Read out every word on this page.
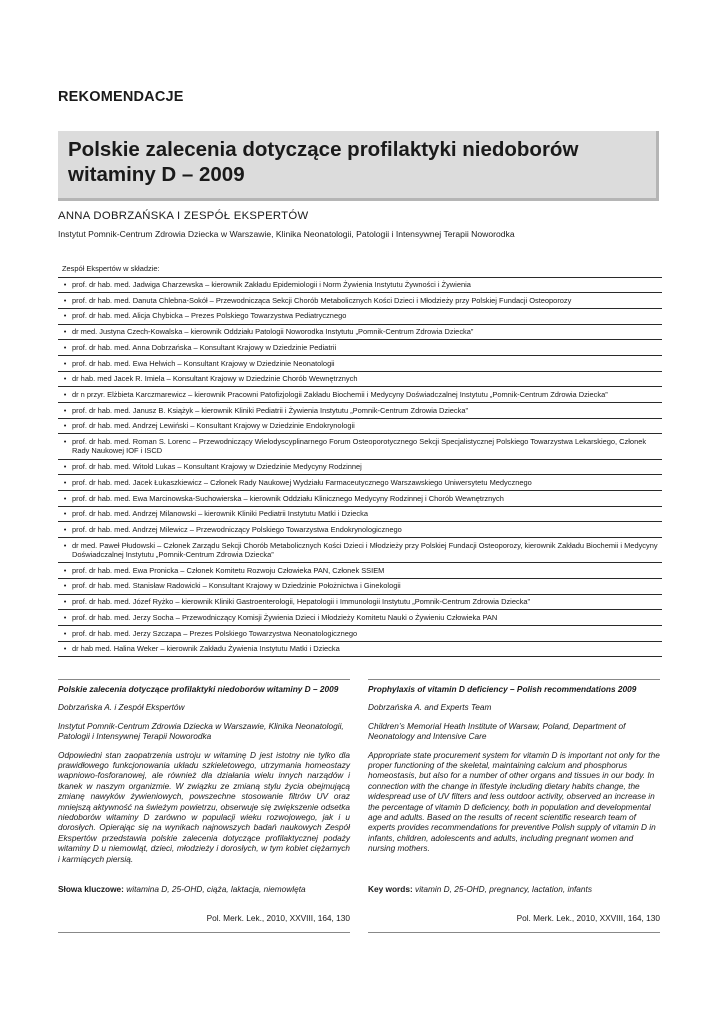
REKOMENDACJE
Polskie zalecenia dotyczące profilaktyki niedoborów witaminy D – 2009
ANNA DOBRZAŃSKA I ZESPÓŁ EKSPERTÓW
Instytut Pomnik-Centrum Zdrowia Dziecka w Warszawie, Klinika Neonatologii, Patologii i Intensywnej Terapii Noworodka
Zespół Ekspertów w składzie:
• prof. dr hab. med. Jadwiga Charzewska – kierownik Zakładu Epidemiologii i Norm Żywienia Instytutu Żywności i Żywienia
• prof. dr hab. med. Danuta Chlebna-Sokół – Przewodnicząca Sekcji Chorób Metabolicznych Kości Dzieci i Młodzieży przy Polskiej Fundacji Osteoporozy
• prof. dr hab. med. Alicja Chybicka – Prezes Polskiego Towarzystwa Pediatrycznego
• dr med. Justyna Czech-Kowalska – kierownik Oddziału Patologii Noworodka Instytutu „Pomnik-Centrum Zdrowia Dziecka”
• prof. dr hab. med. Anna Dobrzańska – Konsultant Krajowy w Dziedzinie Pediatrii
• prof. dr hab. med. Ewa Helwich – Konsultant Krajowy w Dziedzinie Neonatologii
• dr hab. med Jacek R. Imiela – Konsultant Krajowy w Dziedzinie Chorób Wewnętrznych
• dr n przyr. Elżbieta Karczmarewicz – kierownik Pracowni Patofizjologii Zakładu Biochemii i Medycyny Doświadczalnej Instytutu „Pomnik-Centrum Zdrowia Dziecka”
• prof. dr hab. med. Janusz B. Książyk – kierownik Kliniki Pediatrii i Żywienia Instytutu „Pomnik-Centrum Zdrowia Dziecka”
• prof. dr hab. med. Andrzej Lewiński – Konsultant Krajowy w Dziedzinie Endokrynologii
• prof. dr hab. med. Roman S. Lorenc – Przewodniczący Wielodyscyplinarnego Forum Osteoporotycznego Sekcji Specjalistycznej Polskiego Towarzystwa Lekarskiego, Członek Rady Naukowej IOF i ISCD
• prof. dr hab. med. Witold Lukas – Konsultant Krajowy w Dziedzinie Medycyny Rodzinnej
• prof. dr hab. med. Jacek Łukaszkiewicz – Członek Rady Naukowej Wydziału Farmaceutycznego Warszawskiego Uniwersytetu Medycznego
• prof. dr hab. med. Ewa Marcinowska-Suchowierska – kierownik Oddziału Klinicznego Medycyny Rodzinnej i Chorób Wewnętrznych
• prof. dr hab. med. Andrzej Milanowski – kierownik Kliniki Pediatrii Instytutu Matki i Dziecka
• prof. dr hab. med. Andrzej Milewicz – Przewodniczący Polskiego Towarzystwa Endokrynologicznego
• dr med. Paweł Płudowski – Członek Zarządu Sekcji Chorób Metabolicznych Kości Dzieci i Młodzieży przy Polskiej Fundacji Osteoporozy, kierownik Zakładu Biochemii i Medycyny Doświadczalnej Instytutu „Pomnik-Centrum Zdrowia Dziecka”
• prof. dr hab. med. Ewa Pronicka – Członek Komitetu Rozwoju Człowieka PAN, Członek SSIEM
• prof. dr hab. med. Stanisław Radowicki – Konsultant Krajowy w Dziedzinie Położnictwa i Ginekologii
• prof. dr hab. med. Józef Ryżko – kierownik Kliniki Gastroenterologii, Hepatologii i Immunologii Instytutu „Pomnik-Centrum Zdrowia Dziecka”
• prof. dr hab. med. Jerzy Socha – Przewodniczący Komisji Żywienia Dzieci i Młodzieży Komitetu Nauki o Żywieniu Człowieka PAN
• prof. dr hab. med. Jerzy Szczapa – Prezes Polskiego Towarzystwa Neonatologicznego
• dr hab med. Halina Weker – kierownik Zakładu Żywienia Instytutu Matki i Dziecka

Polskie zalecenia dotyczące profilaktyki niedoborów witaminy D – 2009

Dobrzańska A. i Zespół Ekspertów

Instytut Pomnik-Centrum Zdrowia Dziecka w Warszawie, Klinika Neonatologii, Patologii i Intensywnej Terapii Noworodka

Odpowiedni stan zaopatrzenia ustroju w witaminę D jest istotny nie tylko dla prawidłowego funkcjonowania układu szkieletowego, utrzymania homeostazy wapniowo-fosforanowej, ale również dla działania wielu innych narządów i tkanek w naszym organizmie. W związku ze zmianą stylu życia obejmującą zmianę nawyków żywieniowych, powszechne stosowanie filtrów UV oraz mniejszą aktywność na świeżym powietrzu, obserwuje się zwiększenie odsetka niedoborów witaminy D zarówno w populacji wieku rozwojowego, jak i u dorosłych. Opierając się na wynikach najnowszych badań naukowych Zespół Ekspertów przedstawia polskie zalecenia dotyczące profilaktycznej podaży witaminy D u niemowląt, dzieci, młodzieży i dorosłych, w tym kobiet ciężarnych i karmiących piersią.

Prophylaxis of vitamin D deficiency – Polish recommendations 2009

Dobrzańska A. and Experts Team

Children’s Memorial Heath Institute of Warsaw, Poland, Department of Neonatology and Intensive Care

Appropriate state procurement system for vitamin D is important not only for the proper functioning of the skeletal, maintaining calcium and phosphorus homeostasis, but also for a number of other organs and tissues in our body. In connection with the change in lifestyle including dietary habits change, the widespread use of UV filters and less outdoor activity, observed an increase in the percentage of vitamin D deficiency, both in population and developmental age and adults. Based on the results of recent scientific research team of experts provides recommendations for preventive Polish supply of vitamin D in infants, children, adolescents and adults, including pregnant women and nursing mothers.

Słowa kluczowe: witamina D, 25-OHD, ciąża, laktacja, niemowlęta	Key words: vitamin D, 25-OHD, pregnancy, lactation, infants
Pol. Merk. Lek., 2010, XXVIII, 164, 130	Pol. Merk. Lek., 2010, XXVIII, 164, 130
